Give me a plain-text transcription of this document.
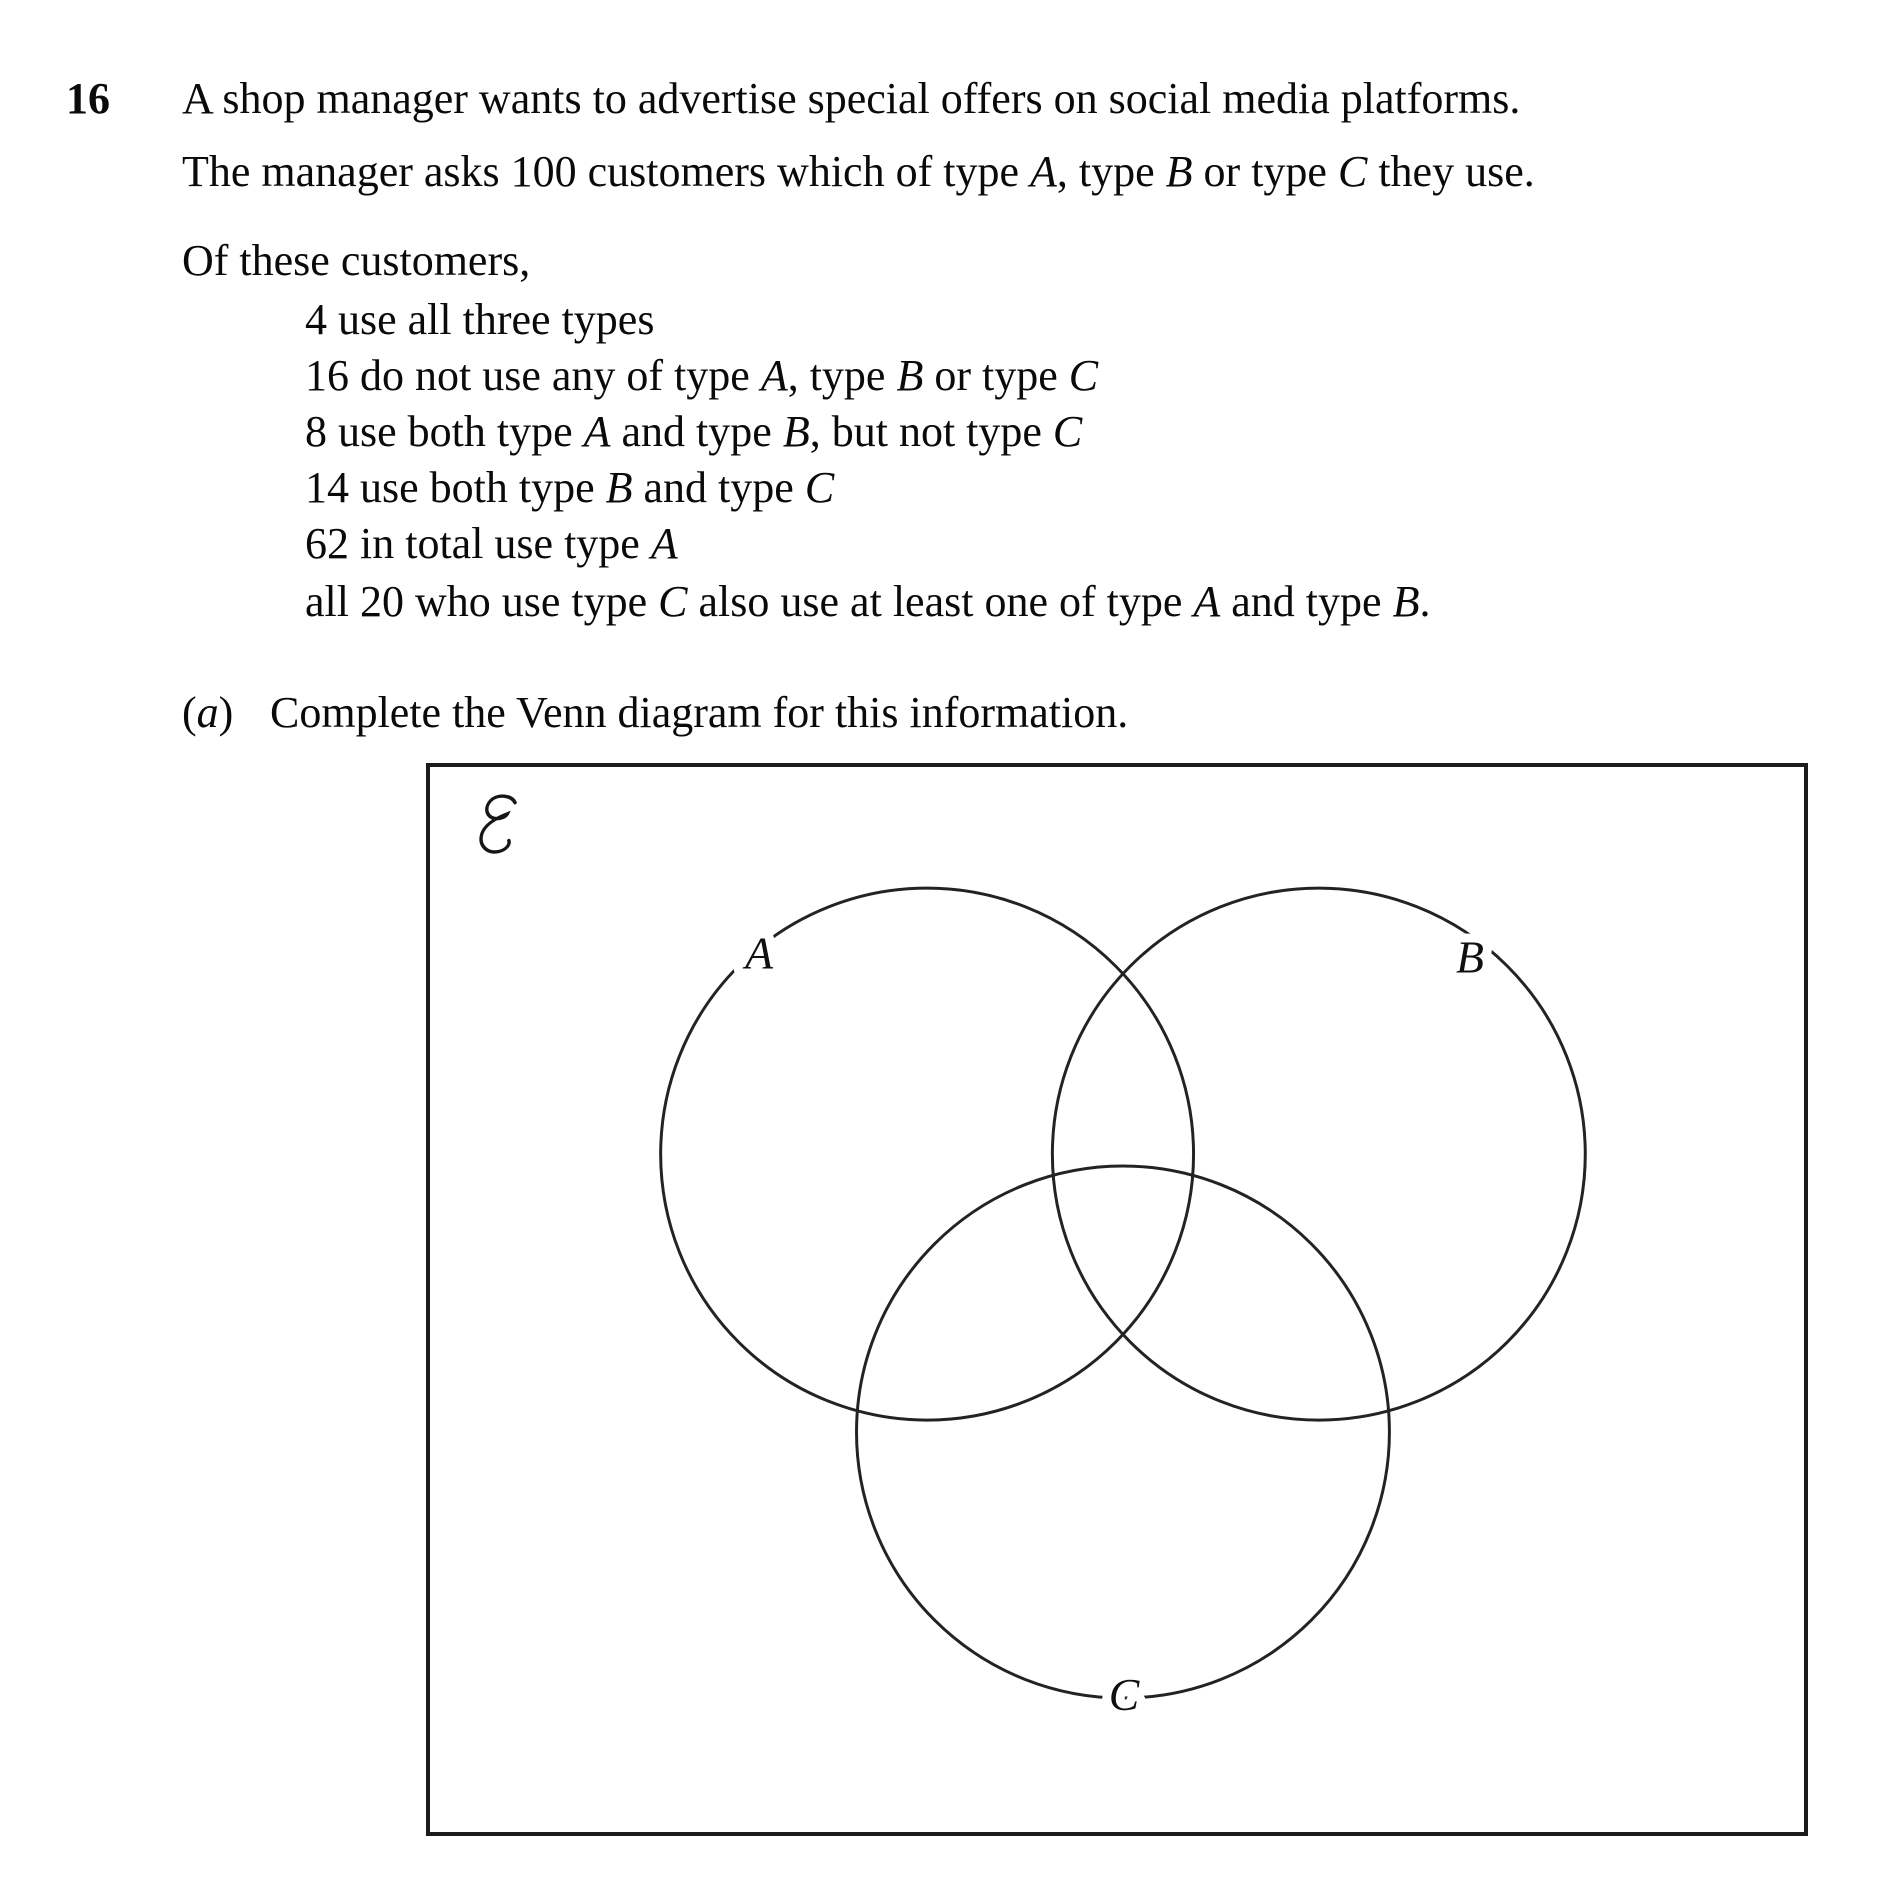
16 A shop manager wants to advertise special offers on social media platforms.
The manager asks 100 customers which of type A, type B or type C they use.
Of these customers,
4 use all three types
16 do not use any of type A, type B or type C
8 use both type A and type B, but not type C
14 use both type B and type C
62 in total use type A
all 20 who use type C also use at least one of type A and type B.
(a) Complete the Venn diagram for this information.
A	B
C
